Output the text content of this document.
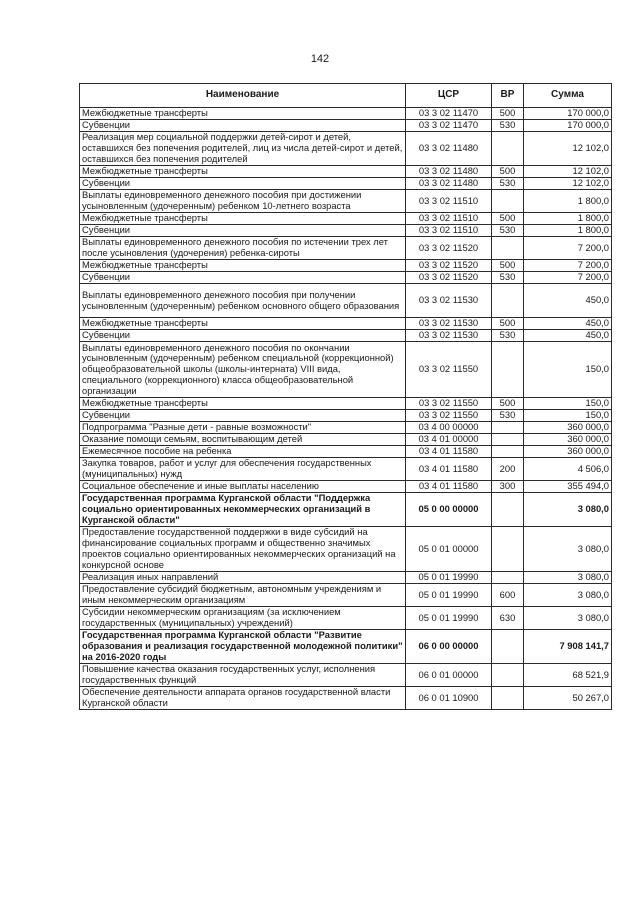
142
Наименование	ЦСР	ВР	Сумма
Межбюджетные трансферты	03 3 02 11470	500	170 000,0
Субвенции	03 3 02 11470	530	170 000,0
Реализация мер социальной поддержки детей-сирот и детей, оставшихся без попечения родителей, лиц из числа детей-сирот и детей, оставшихся без попечения родителей	03 3 02 11480		12 102,0
Межбюджетные трансферты	03 3 02 11480	500	12 102,0
Субвенции	03 3 02 11480	530	12 102,0
Выплаты единовременного денежного пособия при достижении усыновленным (удочеренным) ребенком 10-летнего возраста	03 3 02 11510		1 800,0
Межбюджетные трансферты	03 3 02 11510	500	1 800,0
Субвенции	03 3 02 11510	530	1 800,0
Выплаты единовременного денежного пособия по истечении трех лет после усыновления (удочерения) ребенка-сироты	03 3 02 11520		7 200,0
Межбюджетные трансферты	03 3 02 11520	500	7 200,0
Субвенции	03 3 02 11520	530	7 200,0
Выплаты единовременного денежного пособия при получении усыновленным (удочеренным) ребенком основного общего образования	03 3 02 11530		450,0
Межбюджетные трансферты	03 3 02 11530	500	450,0
Субвенции	03 3 02 11530	530	450,0
Выплаты единовременного денежного пособия по окончании усыновленным (удочеренным) ребенком специальной (коррекционной) общеобразовательной школы (школы-интерната) VIII вида, специального (коррекционного) класса общеобразовательной организации	03 3 02 11550		150,0
Межбюджетные трансферты	03 3 02 11550	500	150,0
Субвенции	03 3 02 11550	530	150,0
Подпрограмма "Разные дети - равные возможности"	03 4 00 00000		360 000,0
Оказание помощи семьям, воспитывающим детей	03 4 01 00000		360 000,0
Ежемесячное пособие на ребенка	03 4 01 11580		360 000,0
Закупка товаров, работ и услуг для обеспечения государственных (муниципальных) нужд	03 4 01 11580	200	4 506,0
Социальное обеспечение и иные выплаты населению	03 4 01 11580	300	355 494,0
Государственная программа Курганской области "Поддержка социально ориентированных некоммерческих организаций в Курганской области"	05 0 00 00000		3 080,0
Предоставление государственной поддержки в виде субсидий на финансирование социальных программ и общественно значимых проектов социально ориентированных некоммерческих организаций на конкурсной основе	05 0 01 00000		3 080,0
Реализация иных направлений	05 0 01 19990		3 080,0
Предоставление субсидий бюджетным, автономным учреждениям и иным некоммерческим организациям	05 0 01 19990	600	3 080,0
Субсидии некоммерческим организациям (за исключением государственных (муниципальных) учреждений)	05 0 01 19990	630	3 080,0
Государственная программа Курганской области "Развитие образования и реализация государственной молодежной политики" на 2016-2020 годы	06 0 00 00000		7 908 141,7
Повышение качества оказания государственных услуг, исполнения государственных функций	06 0 01 00000		68 521,9
Обеспечение деятельности аппарата органов государственной власти Курганской области	06 0 01 10900		50 267,0
